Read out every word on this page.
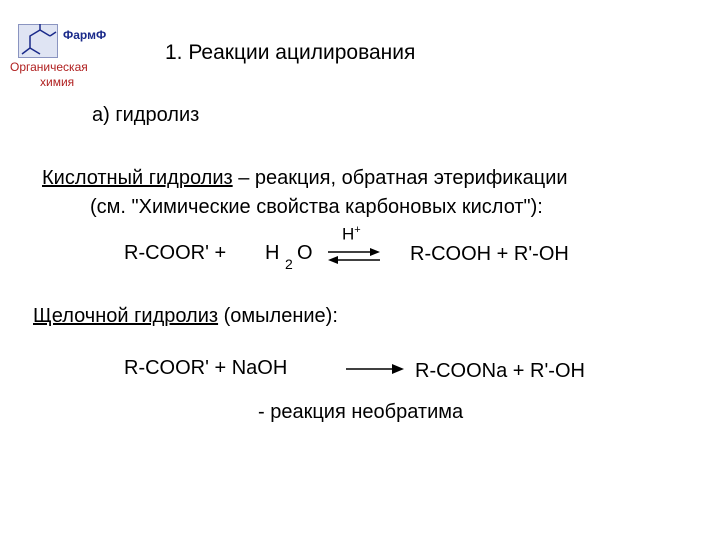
ФармФ
Органическая
химия
1. Реакции ацилирования
а) гидролиз
Кислотный гидролиз – реакция, обратная этерификации
(см. "Химические свойства карбоновых кислот"):
R-COOR' + H 2 O
H+
R-COOH + R'-OH
Щелочной гидролиз (омыление):
R-COOR' + NaOH	R-COONa + R'-OH
- реакция необратима
